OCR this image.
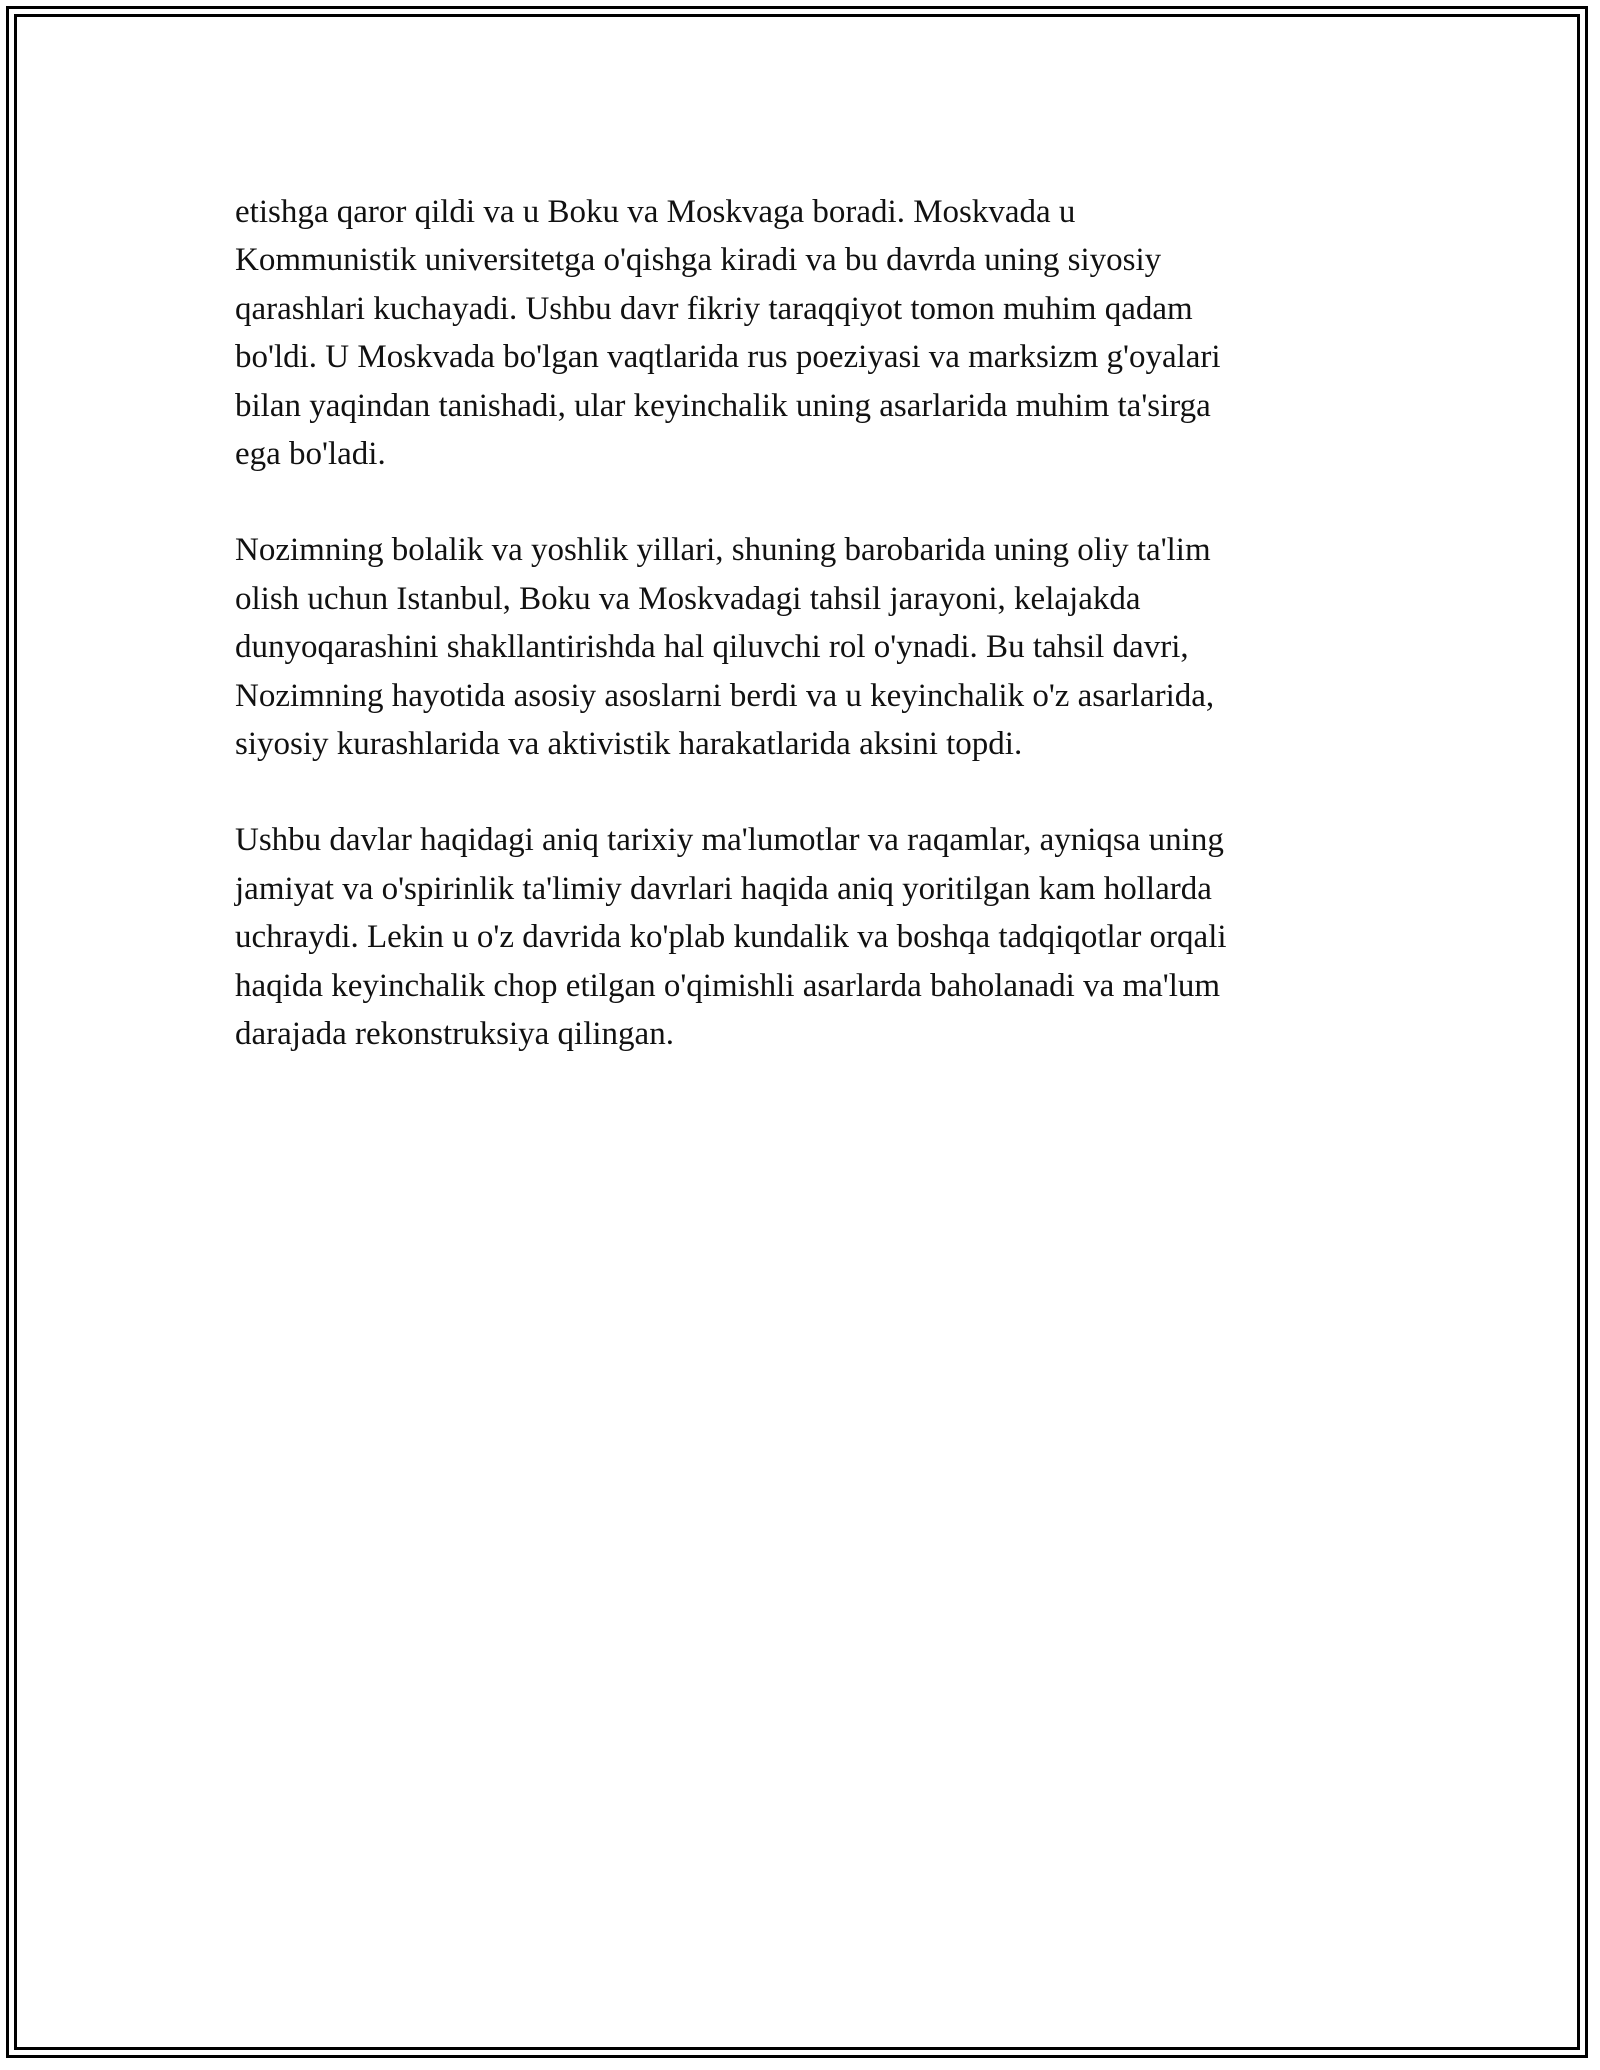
etishga qaror qildi va u Boku va Moskvaga boradi. Moskvada u
Kommunistik universitetga o'qishga kiradi va bu davrda uning siyosiy
qarashlari kuchayadi. Ushbu davr fikriy taraqqiyot tomon muhim qadam
bo'ldi. U Moskvada bo'lgan vaqtlarida rus poeziyasi va marksizm g'oyalari
bilan yaqindan tanishadi, ular keyinchalik uning asarlarida muhim ta'sirga
ega bo'ladi.

Nozimning bolalik va yoshlik yillari, shuning barobarida uning oliy ta'lim
olish uchun Istanbul, Boku va Moskvadagi tahsil jarayoni, kelajakda
dunyoqarashini shakllantirishda hal qiluvchi rol o'ynadi. Bu tahsil davri,
Nozimning hayotida asosiy asoslarni berdi va u keyinchalik o'z asarlarida,
siyosiy kurashlarida va aktivistik harakatlarida aksini topdi.

Ushbu davlar haqidagi aniq tarixiy ma'lumotlar va raqamlar, ayniqsa uning
jamiyat va o'spirinlik ta'limiy davrlari haqida aniq yoritilgan kam hollarda
uchraydi. Lekin u o'z davrida ko'plab kundalik va boshqa tadqiqotlar orqali
haqida keyinchalik chop etilgan o'qimishli asarlarda baholanadi va ma'lum
darajada rekonstruksiya qilingan.
